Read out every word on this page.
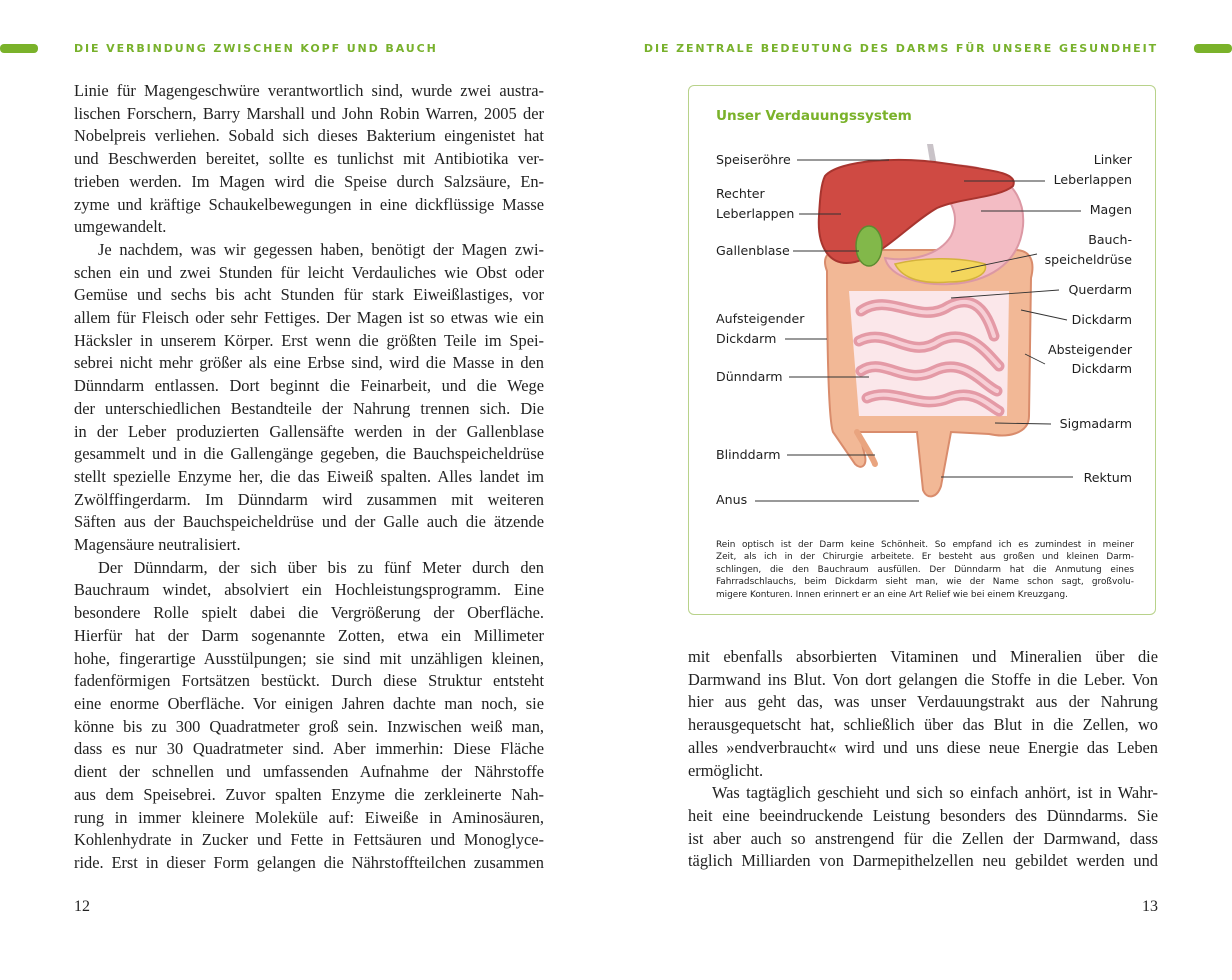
DIE VERBINDUNG ZWISCHEN KOPF UND BAUCH	DIE ZENTRALE BEDEUTUNG DES DARMS FÜR UNSERE GESUNDHEIT
Linie für Magengeschwüre verantwortlich sind, wurde zwei austra-
lischen Forschern, Barry Marshall und John Robin Warren, 2005 der
Nobelpreis verliehen. Sobald sich dieses Bakterium eingenistet hat
und Beschwerden bereitet, sollte es tunlichst mit Antibiotika ver-
trieben werden. Im Magen wird die Speise durch Salzsäure, En-
zyme und kräftige Schaukelbewegungen in eine dickflüssige Masse
umgewandelt.
Je nachdem, was wir gegessen haben, benötigt der Magen zwi-
schen ein und zwei Stunden für leicht Verdauliches wie Obst oder
Gemüse und sechs bis acht Stunden für stark Eiweißlastiges, vor
allem für Fleisch oder sehr Fettiges. Der Magen ist so etwas wie ein
Häcksler in unserem Körper. Erst wenn die größten Teile im Spei-
sebrei nicht mehr größer als eine Erbse sind, wird die Masse in den
Dünndarm entlassen. Dort beginnt die Feinarbeit, und die Wege
der unterschiedlichen Bestandteile der Nahrung trennen sich. Die
in der Leber produzierten Gallensäfte werden in der Gallenblase
gesammelt und in die Gallengänge gegeben, die Bauchspeicheldrüse
stellt spezielle Enzyme her, die das Eiweiß spalten. Alles landet im
Zwölffingerdarm. Im Dünndarm wird zusammen mit weiteren
Säften aus der Bauchspeicheldrüse und der Galle auch die ätzende
Magensäure neutralisiert.
Der Dünndarm, der sich über bis zu fünf Meter durch den
Bauchraum windet, absolviert ein Hochleistungsprogramm. Eine
besondere Rolle spielt dabei die Vergrößerung der Oberfläche.
Hierfür hat der Darm sogenannte Zotten, etwa ein Millimeter
hohe, fingerartige Ausstülpungen; sie sind mit unzähligen kleinen,
fadenförmigen Fortsätzen bestückt. Durch diese Struktur entsteht
eine enorme Oberfläche. Vor einigen Jahren dachte man noch, sie
könne bis zu 300 Quadratmeter groß sein. Inzwischen weiß man,
dass es nur 30 Quadratmeter sind. Aber immerhin: Diese Fläche
dient der schnellen und umfassenden Aufnahme der Nährstoffe
aus dem Speisebrei. Zuvor spalten Enzyme die zerkleinerte Nah-
rung in immer kleinere Moleküle auf: Eiweiße in Aminosäuren,
Kohlenhydrate in Zucker und Fette in Fettsäuren und Monoglyce-
ride. Erst in dieser Form gelangen die Nährstoffteilchen zusammen
12
Unser Verdauungssystem
Speiseröhre
Rechter
Leberlappen
Gallenblase
Aufsteigender
Dickdarm
Dünndarm
Blinddarm
Anus
Linker
Leberlappen
Magen
Bauch-
speicheldrüse
Querdarm
Dickdarm
Absteigender
Dickdarm
Sigmadarm
Rektum
Rein optisch ist der Darm keine Schönheit. So empfand ich es zumindest in meiner
Zeit, als ich in der Chirurgie arbeitete. Er besteht aus großen und kleinen Darm-
schlingen, die den Bauchraum ausfüllen. Der Dünndarm hat die Anmutung eines
Fahrradschlauchs, beim Dickdarm sieht man, wie der Name schon sagt, großvolu-
migere Konturen. Innen erinnert er an eine Art Relief wie bei einem Kreuzgang.
mit ebenfalls absorbierten Vitaminen und Mineralien über die
Darmwand ins Blut. Von dort gelangen die Stoffe in die Leber. Von
hier aus geht das, was unser Verdauungstrakt aus der Nahrung
herausgequetscht hat, schließlich über das Blut in die Zellen, wo
alles »endverbraucht« wird und uns diese neue Energie das Leben
ermöglicht.
Was tagtäglich geschieht und sich so einfach anhört, ist in Wahr-
heit eine beeindruckende Leistung besonders des Dünndarms. Sie
ist aber auch so anstrengend für die Zellen der Darmwand, dass
täglich Milliarden von Darmepithelzellen neu gebildet werden und
13
